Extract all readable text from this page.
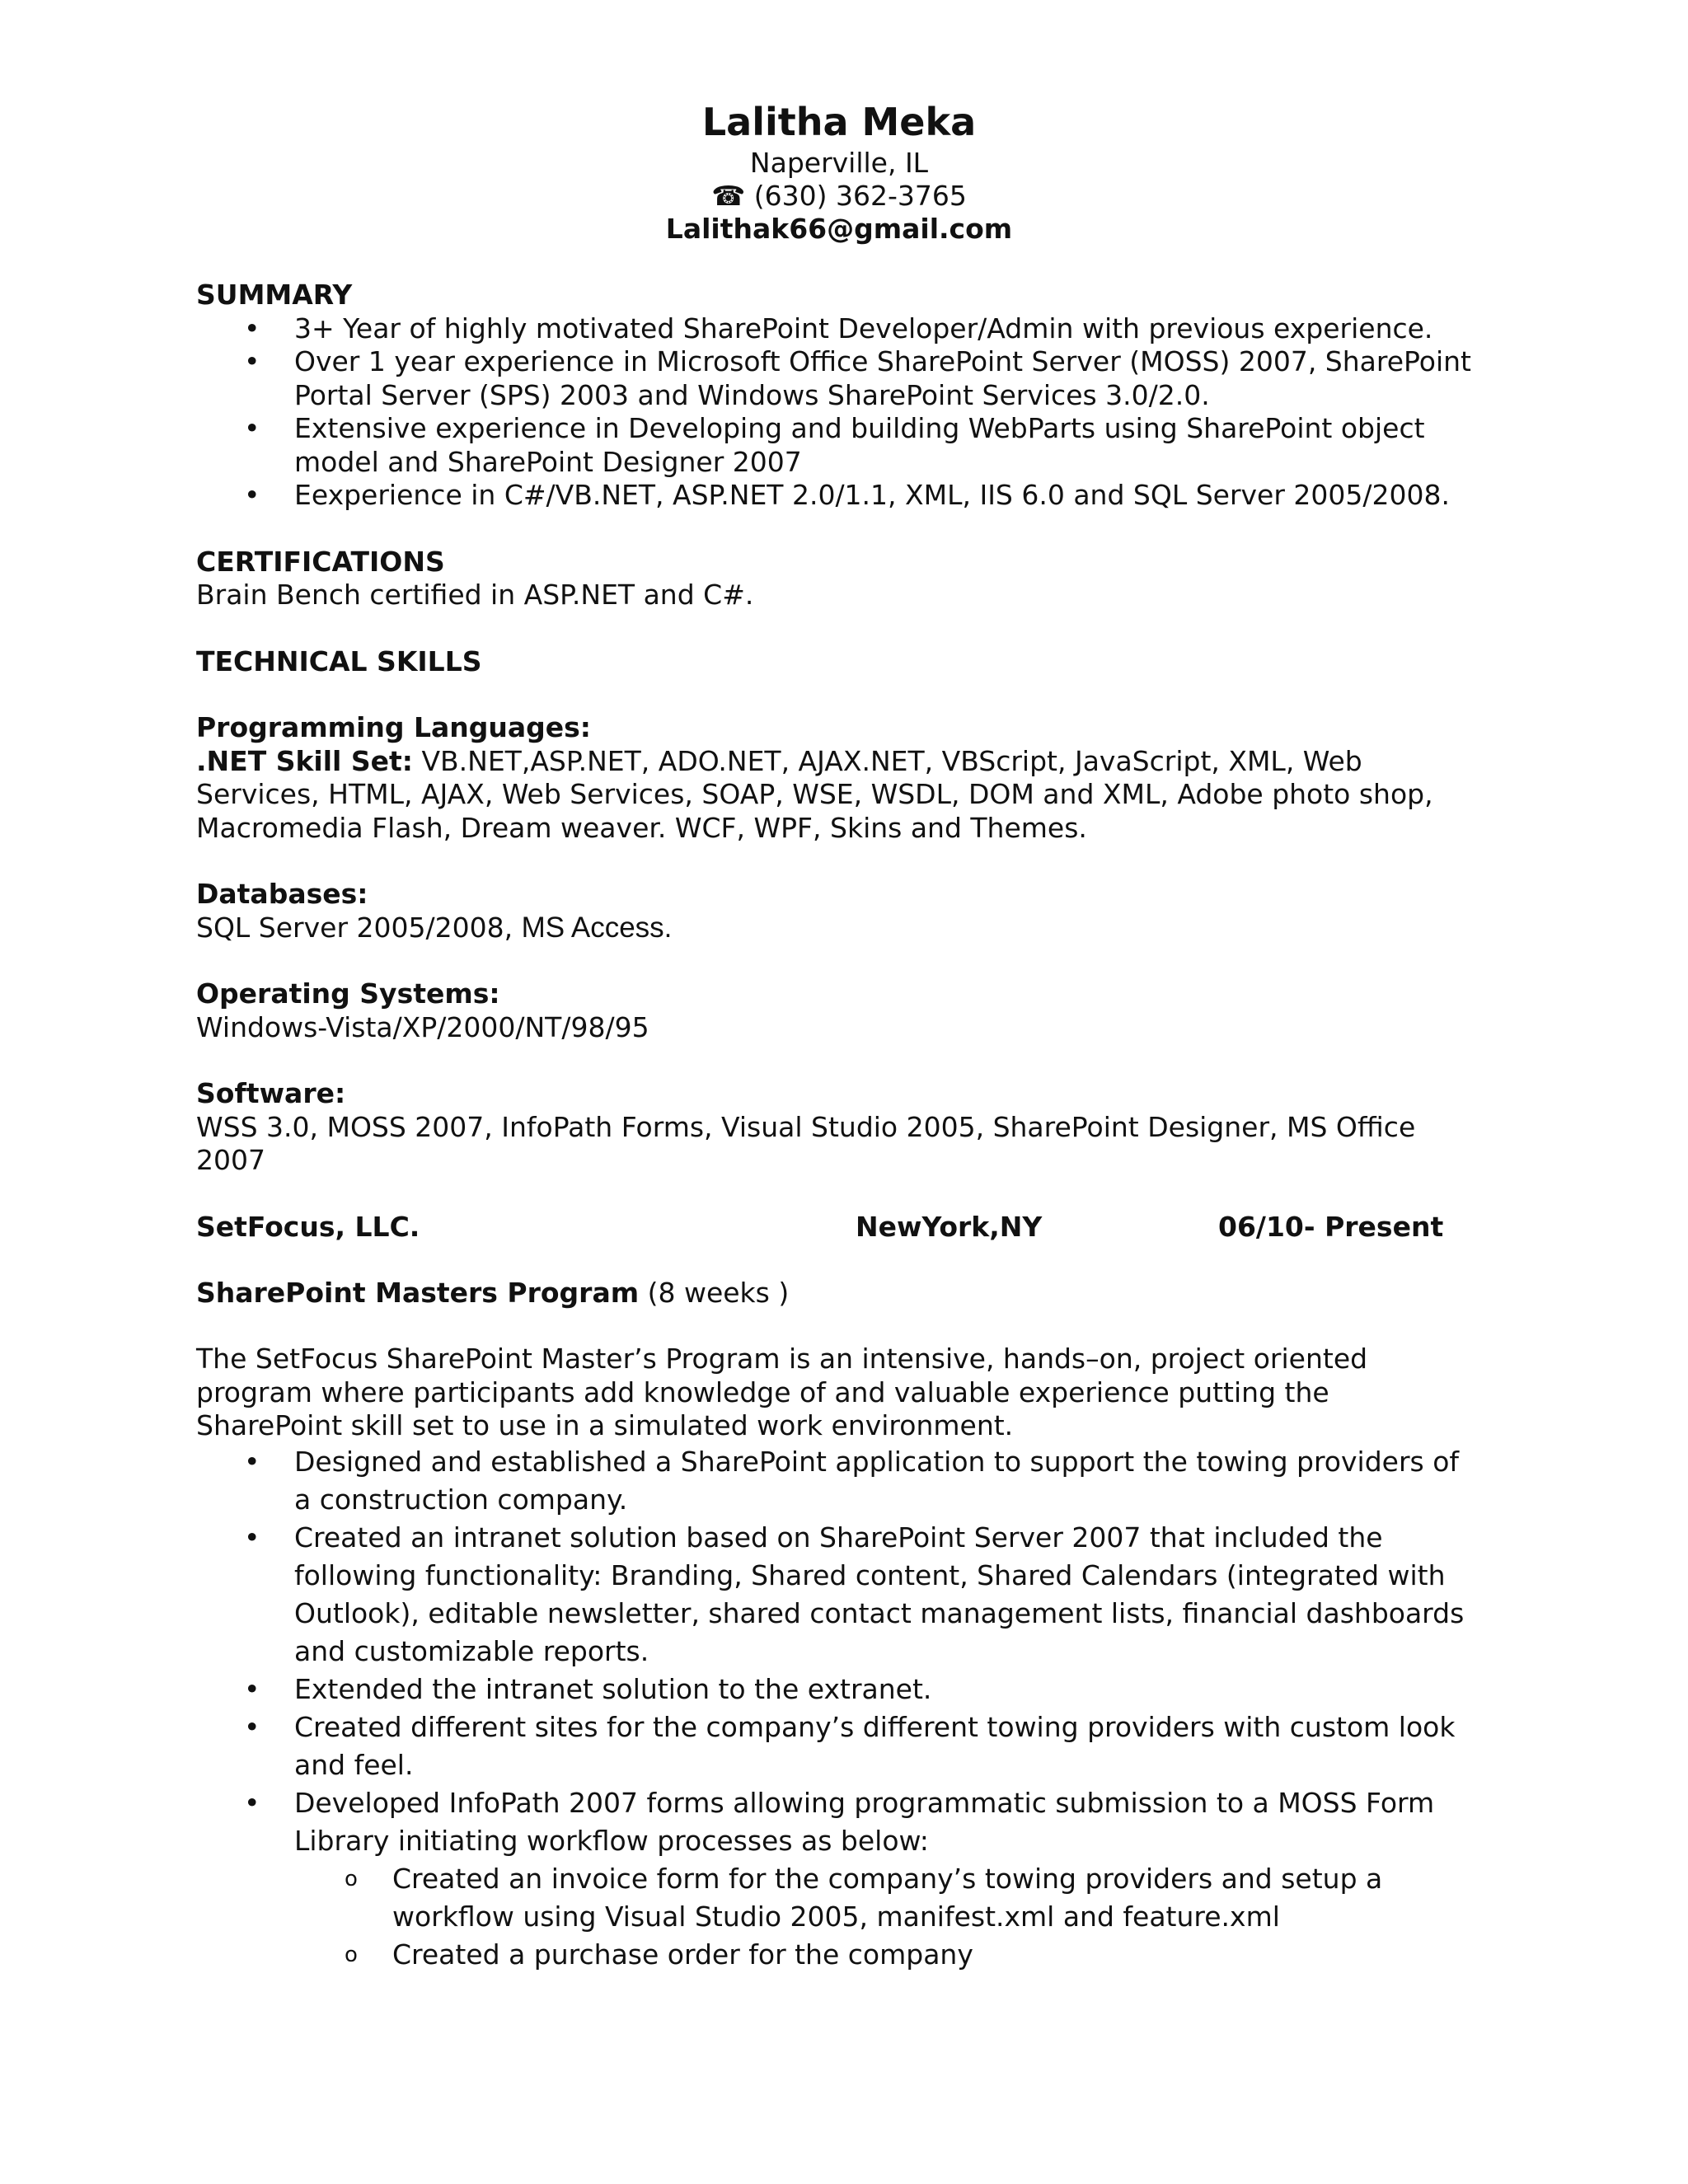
Lalitha Meka
Naperville, IL
☎ (630) 362-3765
Lalithak66@gmail.com
SUMMARY
• 3+ Year of highly motivated SharePoint Developer/Admin with previous experience.
• Over 1 year experience in Microsoft Office SharePoint Server (MOSS) 2007, SharePoint Portal Server (SPS) 2003 and Windows SharePoint Services 3.0/2.0.
• Extensive experience in Developing and building WebParts using SharePoint object model and SharePoint Designer 2007
• Eexperience in C#/VB.NET, ASP.NET 2.0/1.1, XML, IIS 6.0 and SQL Server 2005/2008.
CERTIFICATIONS
Brain Bench certified in ASP.NET and C#.
TECHNICAL SKILLS
Programming Languages:
.NET Skill Set: VB.NET,ASP.NET, ADO.NET, AJAX.NET, VBScript, JavaScript, XML, Web Services, HTML, AJAX, Web Services, SOAP, WSE, WSDL, DOM and XML, Adobe photo shop, Macromedia Flash, Dream weaver. WCF, WPF, Skins and Themes.
Databases:
SQL Server 2005/2008, MS Access.
Operating Systems:
Windows-Vista/XP/2000/NT/98/95
Software:
WSS 3.0, MOSS 2007, InfoPath Forms, Visual Studio 2005, SharePoint Designer, MS Office 2007
SetFocus, LLC.	NewYork,NY	06/10- Present
SharePoint Masters Program (8 weeks )
The SetFocus SharePoint Master’s Program is an intensive, hands–on, project oriented program where participants add knowledge of and valuable experience putting the SharePoint skill set to use in a simulated work environment.
• Designed and established a SharePoint application to support the towing providers of a construction company.
• Created an intranet solution based on SharePoint Server 2007 that included the following functionality: Branding, Shared content, Shared Calendars (integrated with Outlook), editable newsletter, shared contact management lists, financial dashboards and customizable reports.
• Extended the intranet solution to the extranet.
• Created different sites for the company’s different towing providers with custom look and feel.
• Developed InfoPath 2007 forms allowing programmatic submission to a MOSS Form Library initiating workflow processes as below:
o Created an invoice form for the company’s towing providers and setup a workflow using Visual Studio 2005, manifest.xml and feature.xml
o Created a purchase order for the company
